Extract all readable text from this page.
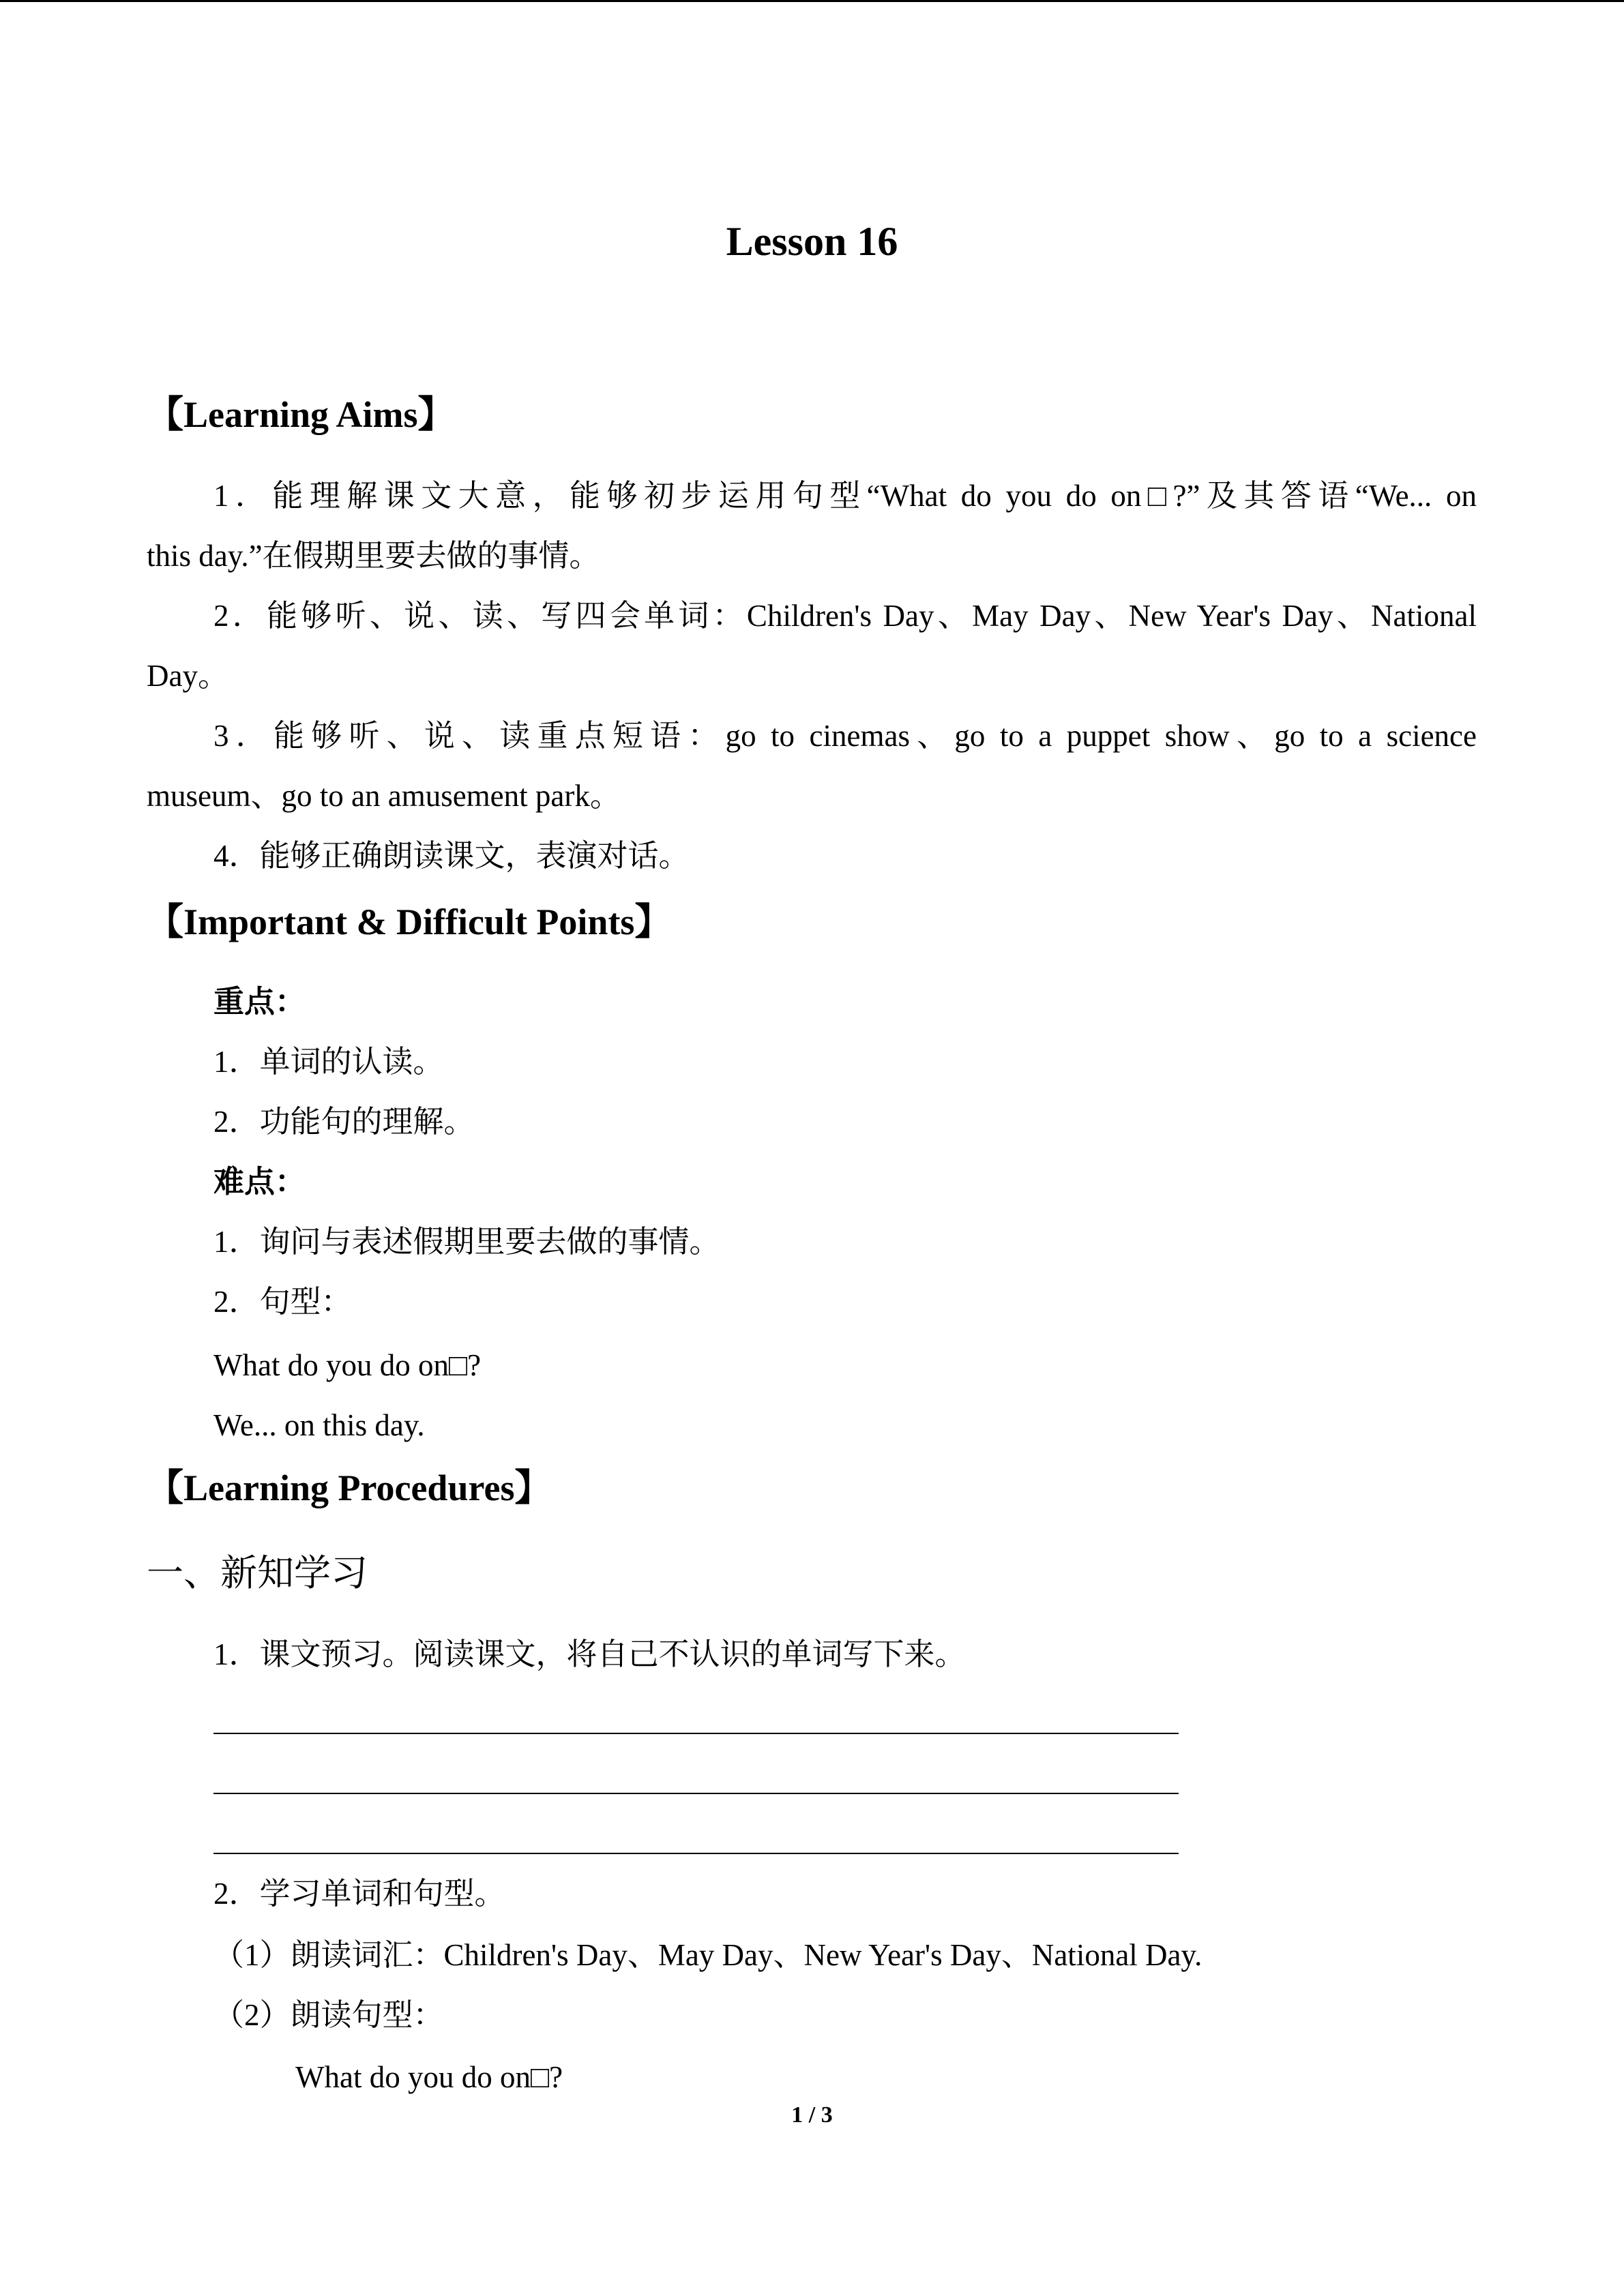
Lesson 16
【Learning Aims】
1．能理解课文大意，能够初步运用句型“What do you do on□?”及其答语“We... on
this day.”在假期里要去做的事情。
2．能够听、说、读、写四会单词：Children's Day、May Day、New Year's Day、National
Day。
3．能够听、说、读重点短语：go to cinemas、go to a puppet show、go to a science
museum、go to an amusement park。
4．能够正确朗读课文，表演对话。
【Important & Difficult Points】
重点：
1．单词的认读。
2．功能句的理解。
难点：
1．询问与表述假期里要去做的事情。
2．句型：
What do you do on□?
We... on this day.
【Learning Procedures】
一、新知学习
1．课文预习。阅读课文，将自己不认识的单词写下来。
2．学习单词和句型。
（1）朗读词汇：Children's Day、May Day、New Year's Day、National Day.
（2）朗读句型：
What do you do on□?
1 / 3
